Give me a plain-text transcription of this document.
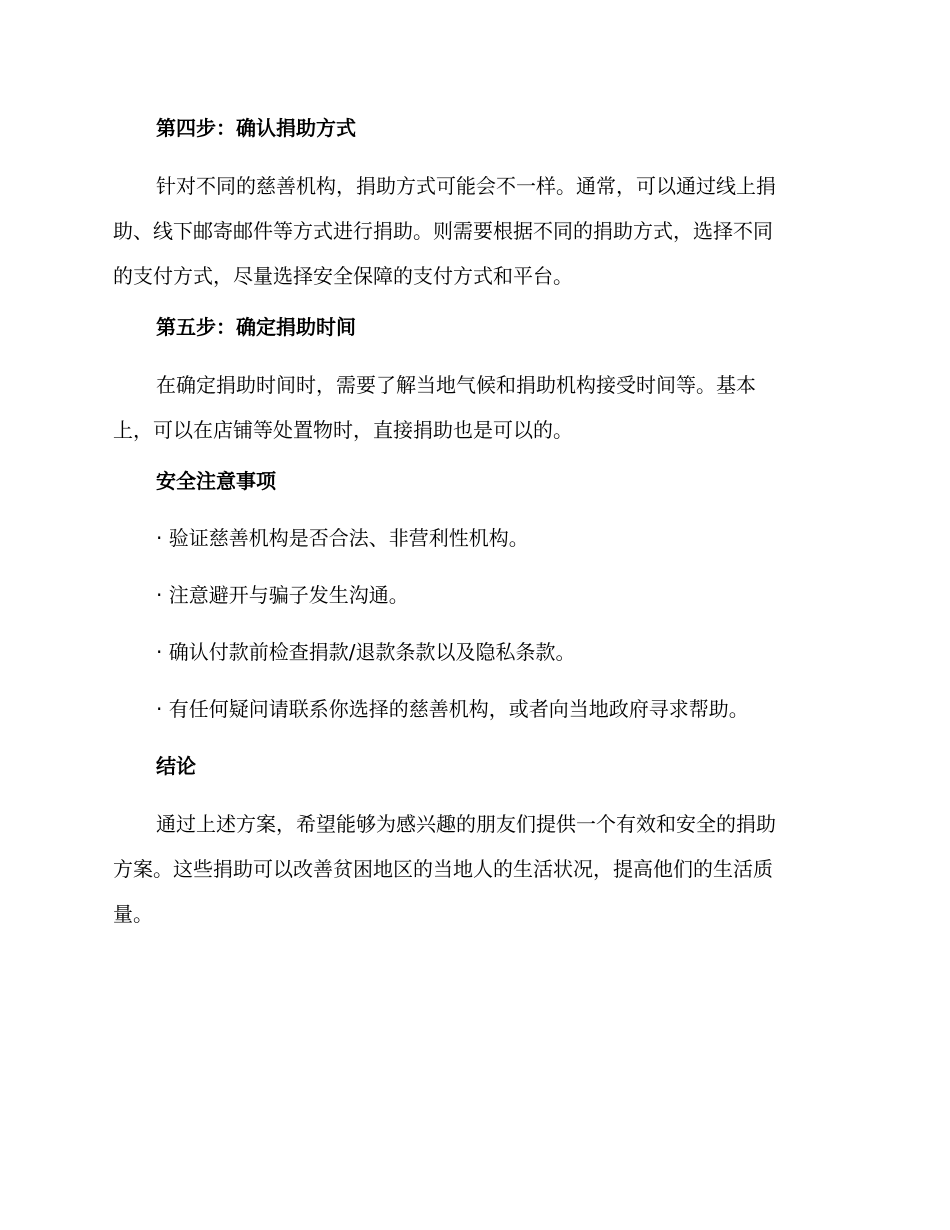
第四步：确认捐助方式
针对不同的慈善机构，捐助方式可能会不一样。通常，可以通过线上捐
助、线下邮寄邮件等方式进行捐助。则需要根据不同的捐助方式，选择不同
的支付方式，尽量选择安全保障的支付方式和平台。
第五步：确定捐助时间
在确定捐助时间时，需要了解当地气候和捐助机构接受时间等。基本
上，可以在店铺等处置物时，直接捐助也是可以的。
安全注意事项
· 验证慈善机构是否合法、非营利性机构。
· 注意避开与骗子发生沟通。
· 确认付款前检查捐款/退款条款以及隐私条款。
· 有任何疑问请联系你选择的慈善机构，或者向当地政府寻求帮助。
结论
通过上述方案，希望能够为感兴趣的朋友们提供一个有效和安全的捐助
方案。这些捐助可以改善贫困地区的当地人的生活状况，提高他们的生活质
量。
